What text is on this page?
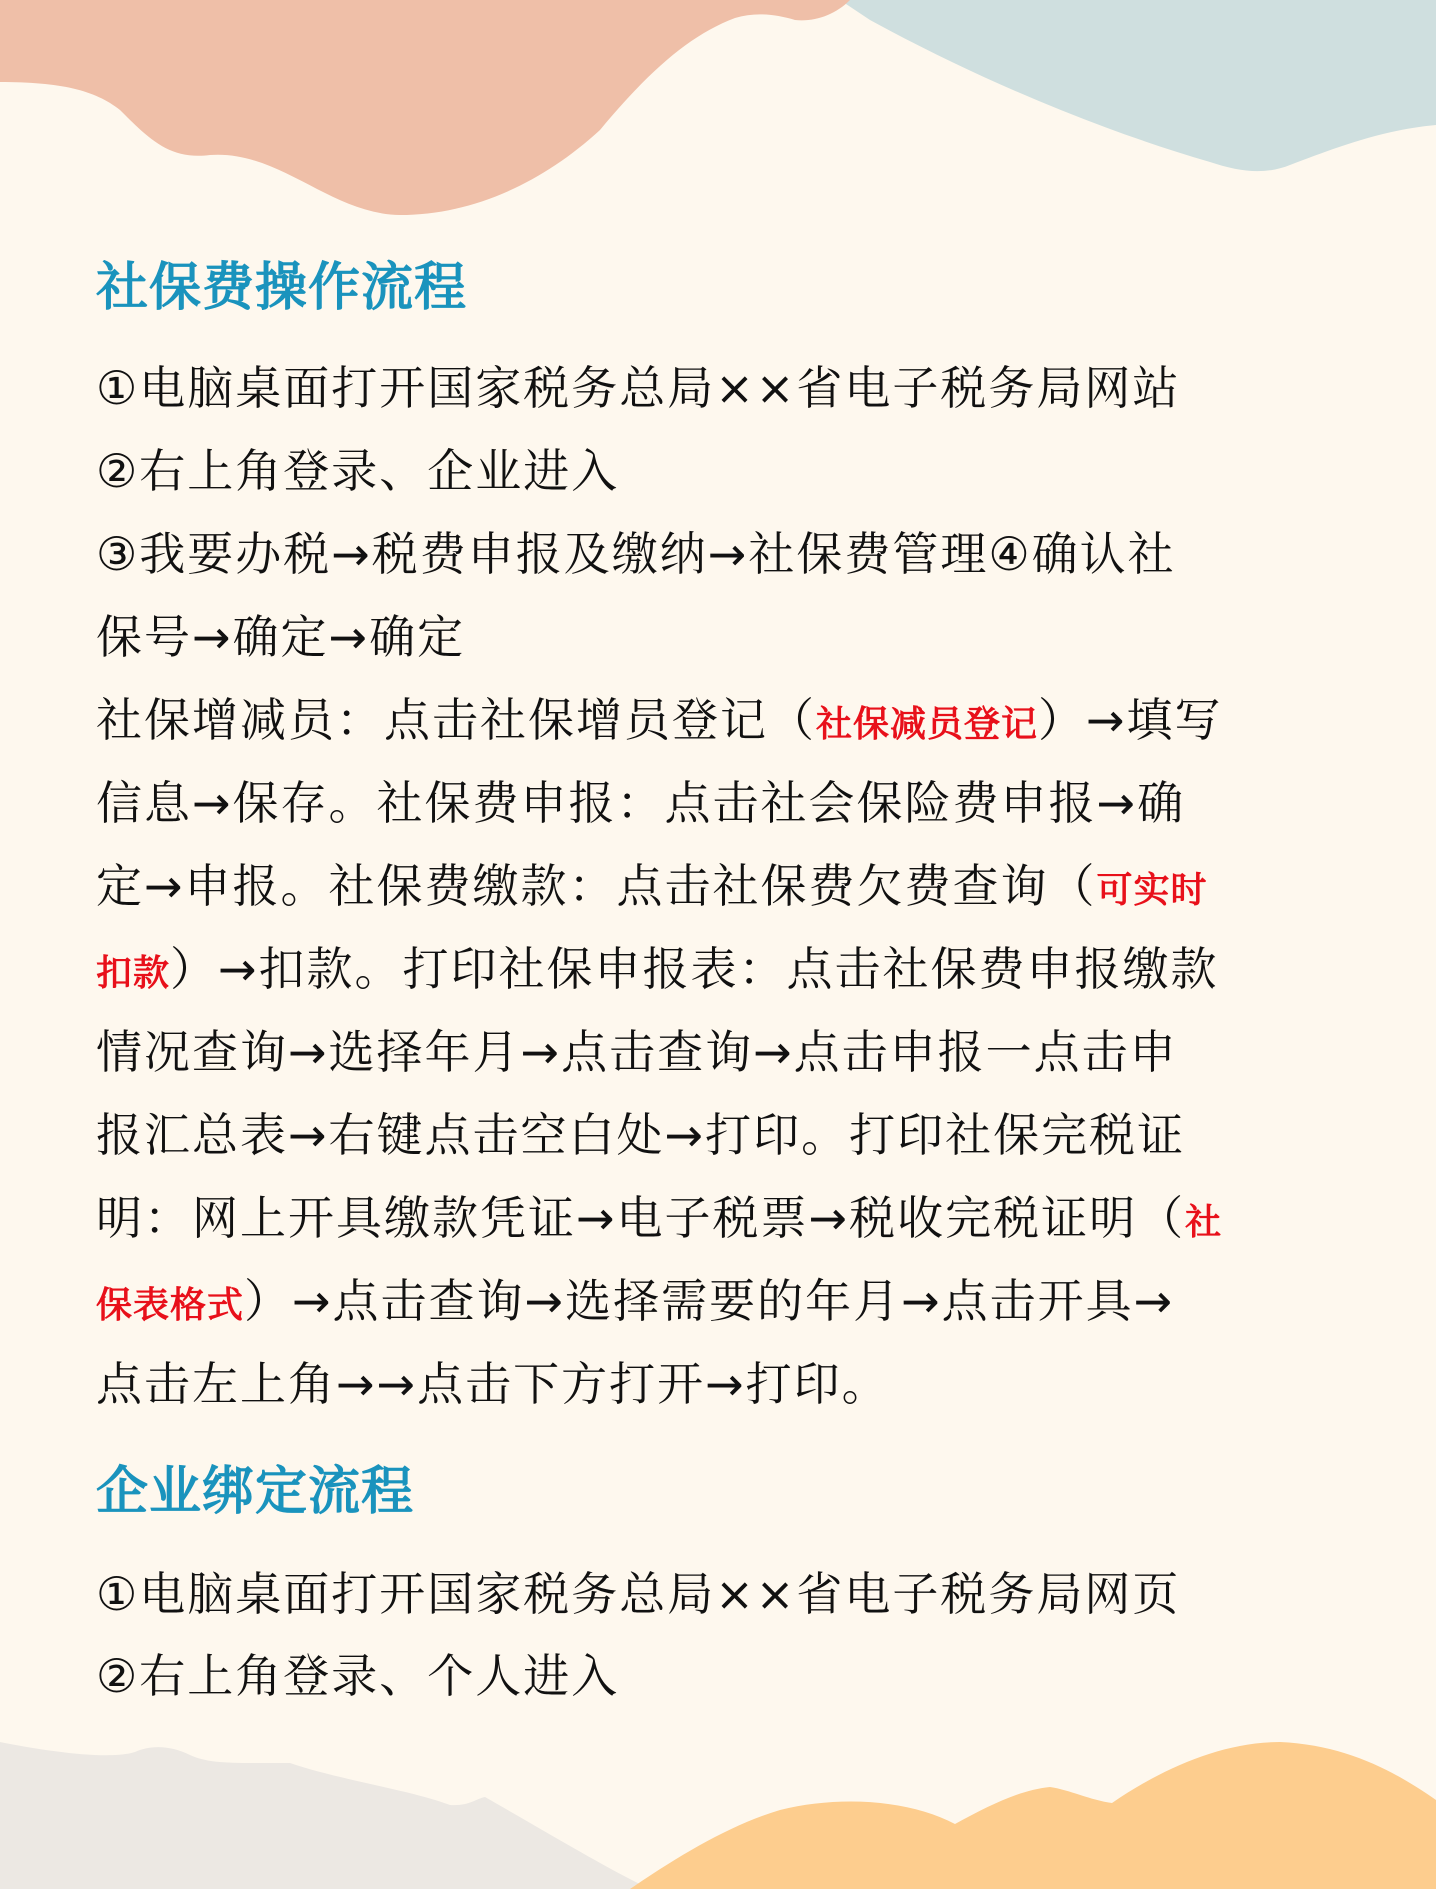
社保费操作流程
①电脑桌面打开国家税务总局××省电子税务局网站
②右上角登录、企业进入
③我要办税→税费申报及缴纳→社保费管理④确认社
保号→确定→确定
社保增减员：点击社保增员登记（社保减员登记）→填写
信息→保存。社保费申报：点击社会保险费申报→确
定→申报。社保费缴款：点击社保费欠费查询（可实时
扣款）→扣款。打印社保申报表：点击社保费申报缴款
情况查询→选择年月→点击查询→点击申报一点击申
报汇总表→右键点击空白处→打印。打印社保完税证
明：网上开具缴款凭证→电子税票→税收完税证明（社
保表格式）→点击查询→选择需要的年月→点击开具→
点击左上角→→点击下方打开→打印。
企业绑定流程
①电脑桌面打开国家税务总局××省电子税务局网页
②右上角登录、个人进入
